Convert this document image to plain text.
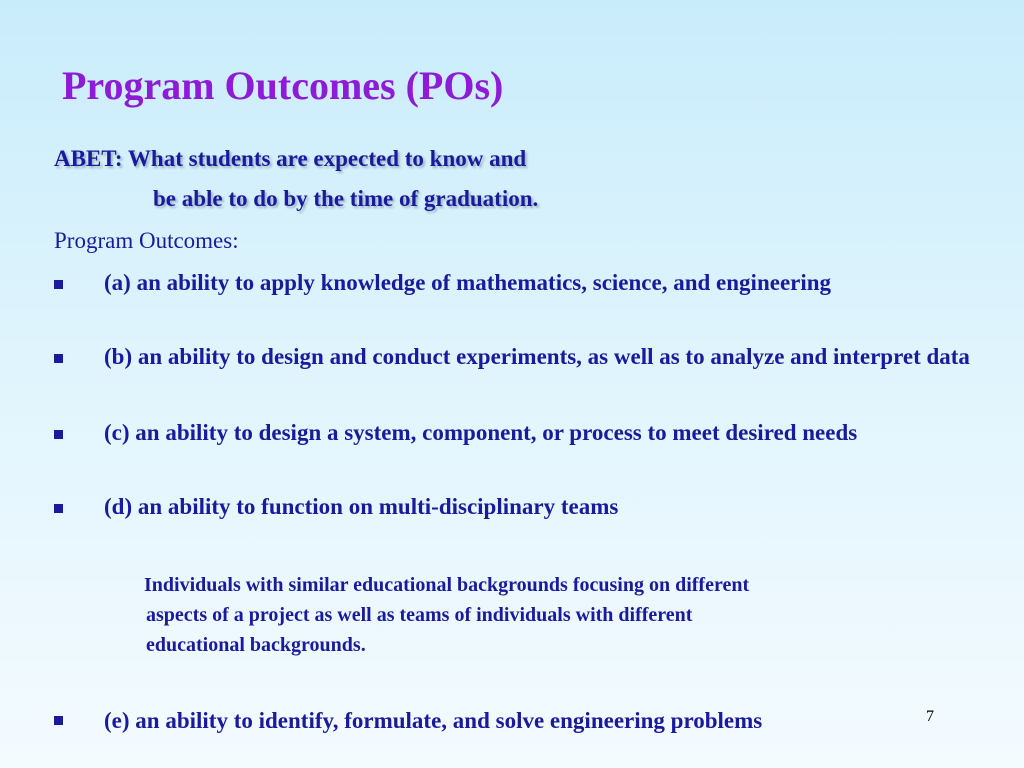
Program Outcomes (POs)
ABET: What students are expected to know and
be able to do by the time of graduation.
Program Outcomes:
(a) an ability to apply knowledge of mathematics, science, and engineering
(b) an ability to design and conduct experiments, as well as to analyze and interpret data
(c) an ability to design a system, component, or process to meet desired needs
(d) an ability to function on multi-disciplinary teams
Individuals with similar educational backgrounds focusing on different
aspects of a project as well as teams of individuals with different
educational backgrounds.
(e) an ability to identify, formulate, and solve engineering problems	7
